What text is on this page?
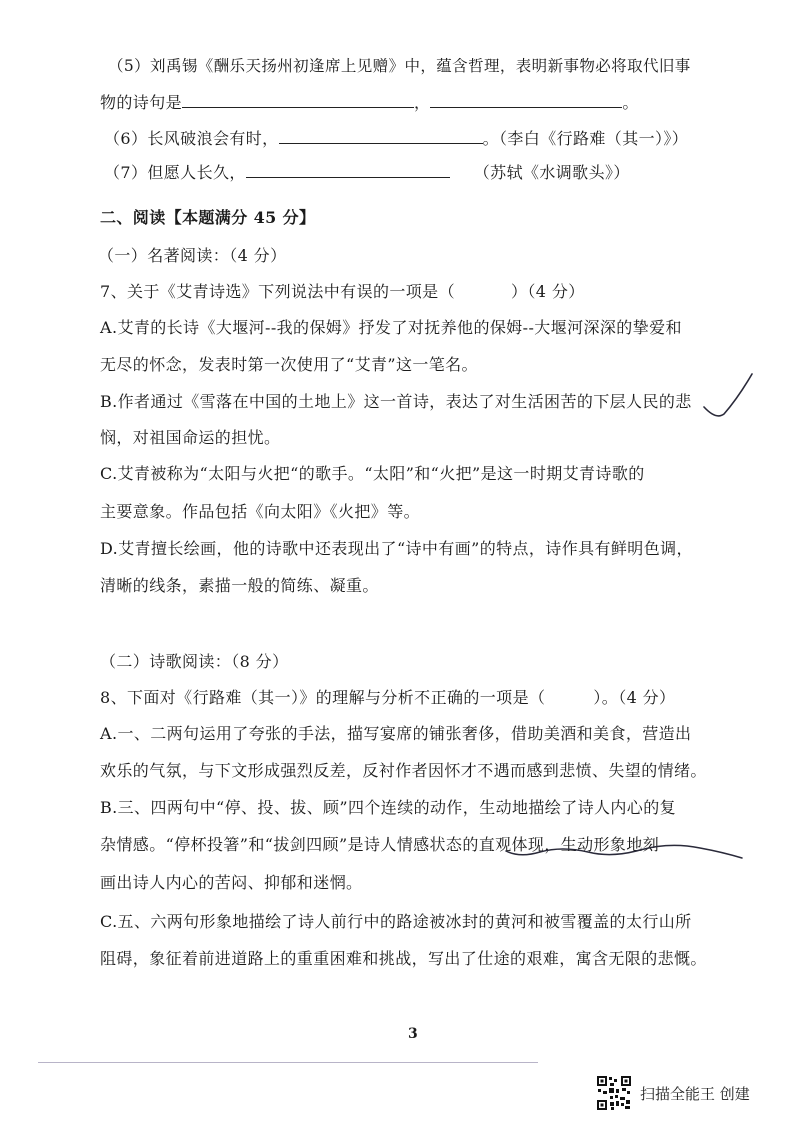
（5）刘禹锡《酬乐天扬州初逢席上见赠》中，蕴含哲理，表明新事物必将取代旧事
物的诗句是	，	。
（6）长风破浪会有时，	。（李白《行路难（其一）》）
（7）但愿人长久，	（苏轼《水调歌头》）
二、阅读【本题满分 45 分】
（一）名著阅读：（4 分）
7、关于《艾青诗选》下列说法中有误的一项是（	）（4 分）
A.艾青的长诗《大堰河--我的保姆》抒发了对抚养他的保姆--大堰河深深的挚爱和
无尽的怀念，发表时第一次使用了“艾青”这一笔名。
B.作者通过《雪落在中国的土地上》这一首诗，表达了对生活困苦的下层人民的悲
悯，对祖国命运的担忧。
C.艾青被称为“太阳与火把“的歌手。“太阳”和“火把”是这一时期艾青诗歌的
主要意象。作品包括《向太阳》《火把》等。
D.艾青擅长绘画，他的诗歌中还表现出了“诗中有画”的特点，诗作具有鲜明色调，
清晰的线条，素描一般的简练、凝重。
（二）诗歌阅读：（8 分）
8、下面对《行路难（其一）》的理解与分析不正确的一项是（	）。（4 分）
A.一、二两句运用了夸张的手法，描写宴席的铺张奢侈，借助美酒和美食，营造出
欢乐的气氛，与下文形成强烈反差，反衬作者因怀才不遇而感到悲愤、失望的情绪。
B.三、四两句中“停、投、拔、顾”四个连续的动作，生动地描绘了诗人内心的复
杂情感。“停杯投箸”和“拔剑四顾”是诗人情感状态的直观体现，生动形象地刻
画出诗人内心的苦闷、抑郁和迷惘。
C.五、六两句形象地描绘了诗人前行中的路途被冰封的黄河和被雪覆盖的太行山所
阻碍，象征着前进道路上的重重困难和挑战，写出了仕途的艰难，寓含无限的悲慨。
3
扫描全能王 创建
